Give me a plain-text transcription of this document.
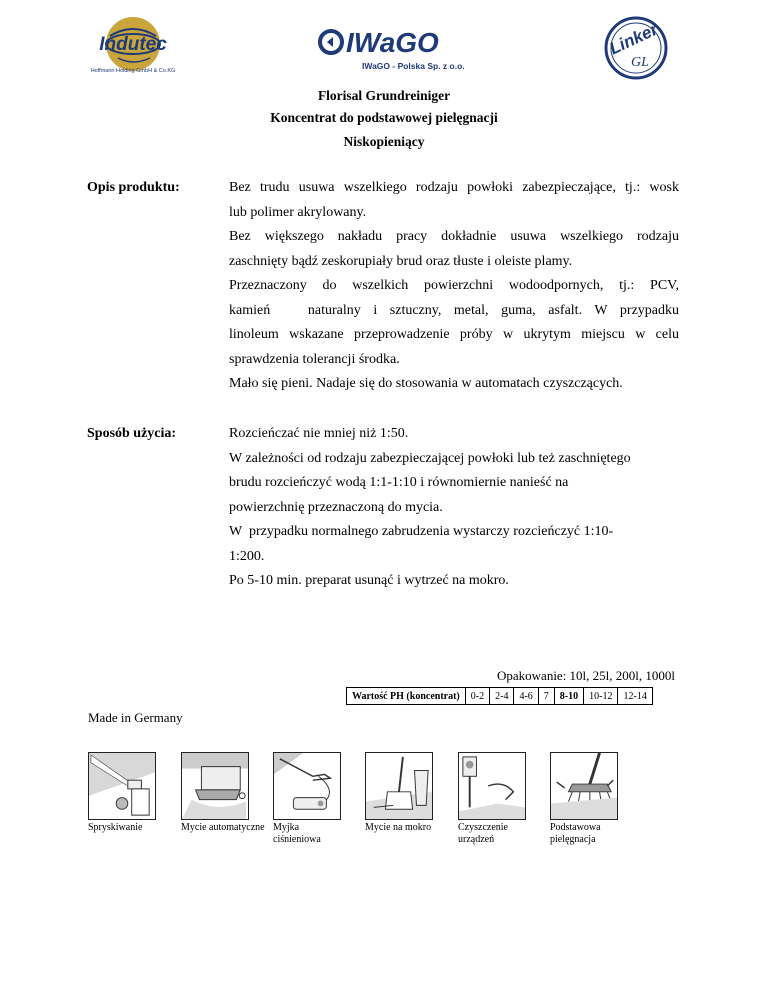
Indutec
Hoffmann Holding GmbH & Co.KG
IWaGO
IWaGO - Polska Sp. z o.o.
Linker
GL
Florisal Grundreiniger
Koncentrat do podstawowej pielęgnacji
Niskopieniący
Opis produktu:	Bez trudu usuwa wszelkiego rodzaju powłoki zabezpieczające, tj.: wosk
lub polimer akrylowany.
Bez większego nakładu pracy dokładnie usuwa wszelkiego rodzaju
zaschnięty bądź zeskorupiały brud oraz tłuste i oleiste plamy.
Przeznaczony do wszelkich powierzchni wodoodpornych, tj.: PCV,
kamień   naturalny i sztuczny, metal, guma, asfalt. W przypadku
linoleum wskazane przeprowadzenie próby w ukrytym miejscu w celu
sprawdzenia tolerancji środka.
Mało się pieni. Nadaje się do stosowania w automatach czyszczących.
Sposób użycia:	Rozcieńczać nie mniej niż 1:50.
W zależności od rodzaju zabezpieczającej powłoki lub też zaschniętego
brudu rozcieńczyć wodą 1:1-1:10 i równomiernie nanieść na
powierzchnię przeznaczoną do mycia.
W  przypadku normalnego zabrudzenia wystarczy rozcieńczyć 1:10-
1:200.
Po 5-10 min. preparat usunąć i wytrzeć na mokro.
Opakowanie: 10l, 25l, 200l, 1000l
Wartość PH (koncentrat)	0-2	2-4	4-6	7	8-10	10-12	12-14
Made in Germany
Spryskiwanie	Mycie automatyczne Myjka ciśnieniowa
Mycie na mokro	Czyszczenie urządzeń
Podstawowa pielęgnacja
